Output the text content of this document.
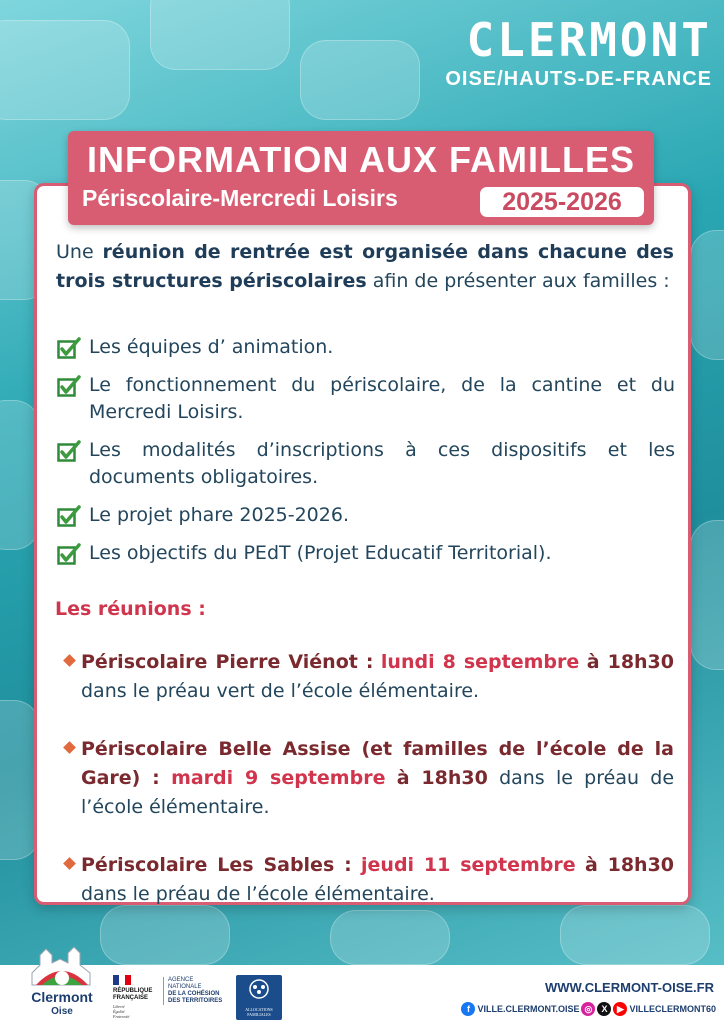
CLERMONT
OISE/HAUTS-DE-FRANCE
INFORMATION AUX FAMILLES
Périscolaire-Mercredi Loisirs	2025-2026

Une réunion de rentrée est organisée dans chacune des trois structures périscolaires afin de présenter aux familles :

Les équipes d’ animation.
Le fonctionnement du périscolaire, de la cantine et du Mercredi Loisirs.
Les modalités d’inscriptions à ces dispositifs et les documents obligatoires.
Le projet phare 2025-2026.
Les objectifs du PEdT (Projet Educatif Territorial).
Les réunions :

Périscolaire Pierre Viénot : lundi 8 septembre à 18h30 dans le préau vert de l’école élémentaire.

Périscolaire Belle Assise (et familles de l’école de la Gare) : mardi 9 septembre à 18h30 dans le préau de l’école élémentaire.

Périscolaire Les Sables : jeudi 11 septembre à 18h30 dans le préau de l’école élémentaire.

Clermont
Oise
RÉPUBLIQUE
FRANÇAISE
Liberté
Égalité
Fraternité
AGENCE
NATIONALE
DE LA COHÉSION
DES TERRITOIRES
ALLOCATIONS
FAMILIALES
WWW.CLERMONT-OISE.FR
f VILLE.CLERMONT.OISE ◎	X	▶ VILLECLERMONT60
